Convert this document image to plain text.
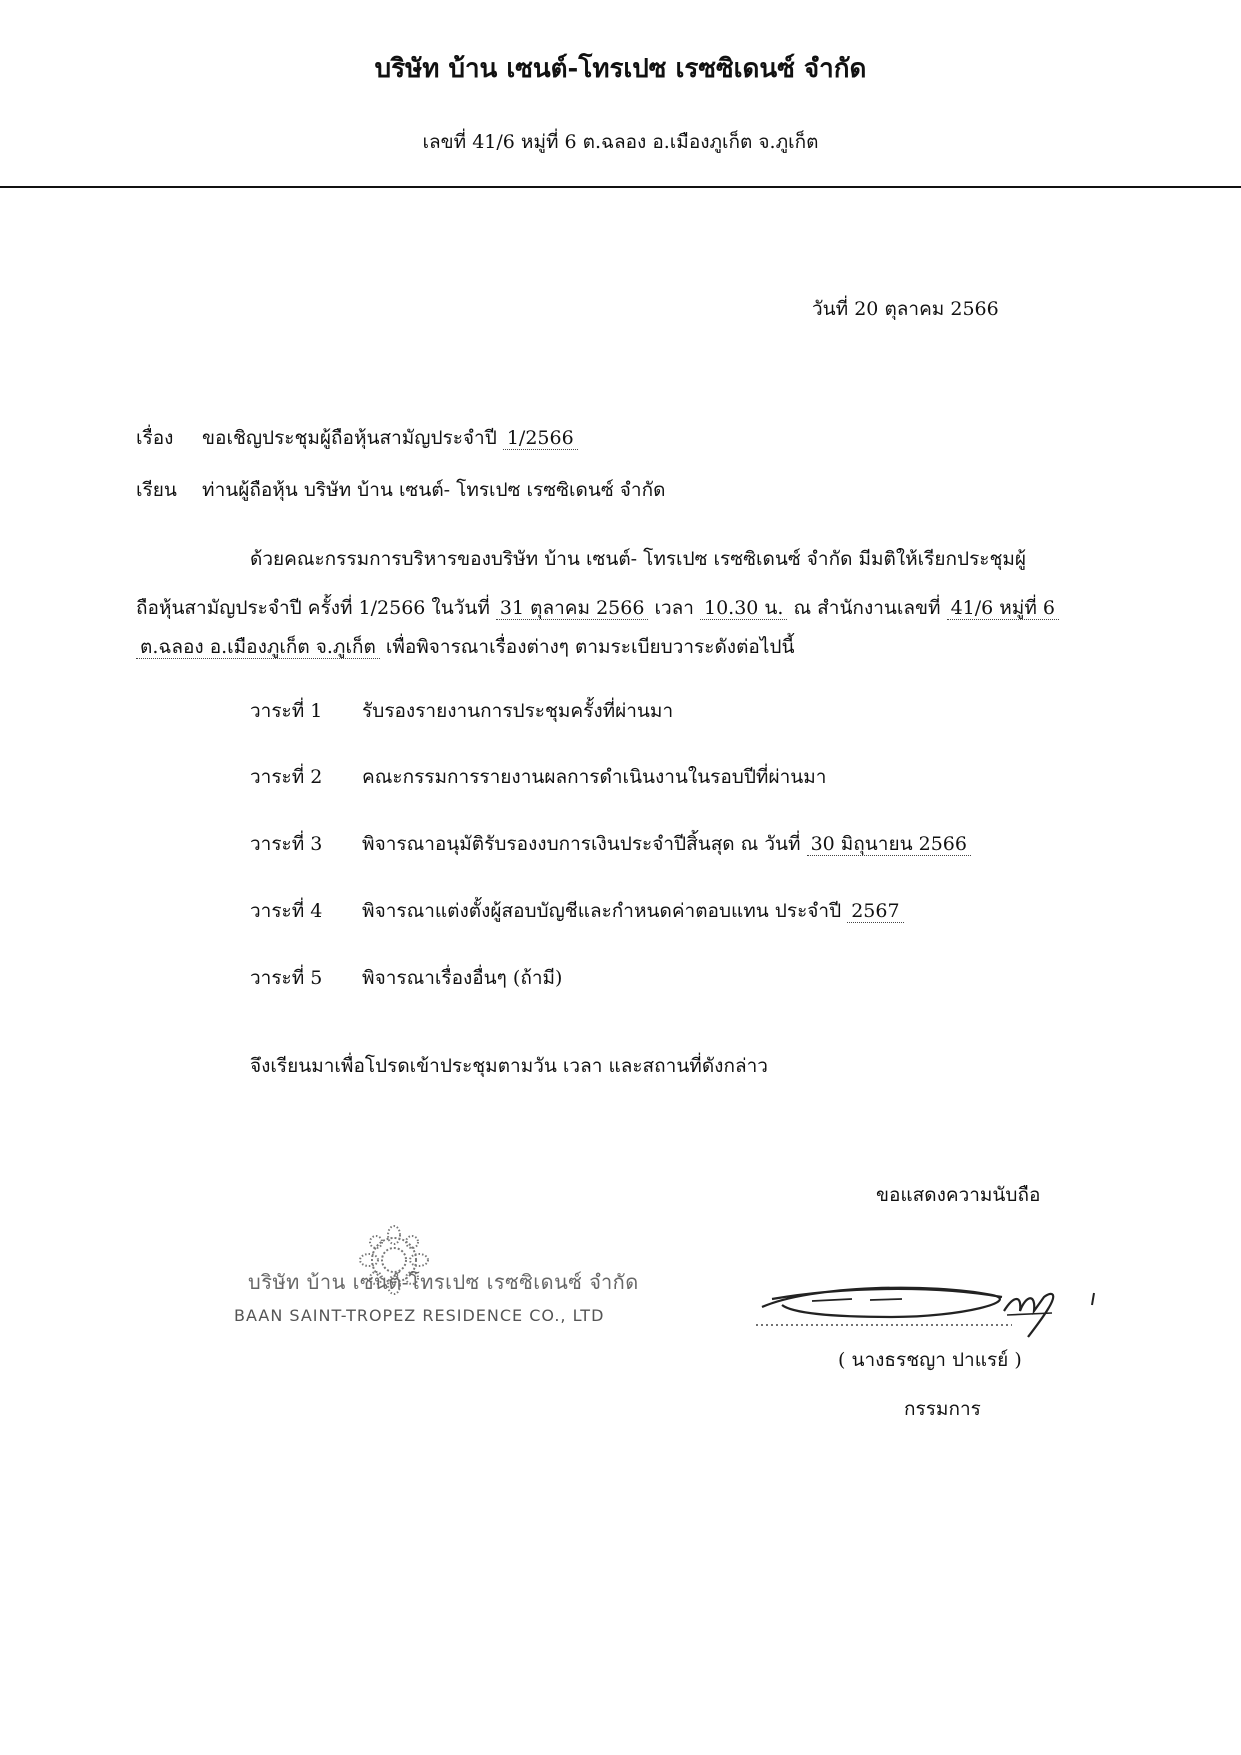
บริษัท บ้าน เซนต์-โทรเปซ เรซซิเดนซ์ จำกัด
เลขที่ 41/6 หมู่ที่ 6 ต.ฉลอง อ.เมืองภูเก็ต จ.ภูเก็ต
วันที่ 20 ตุลาคม 2566
เรื่อง ขอเชิญประชุมผู้ถือหุ้นสามัญประจำปี 1/2566
เรียน ท่านผู้ถือหุ้น บริษัท บ้าน เซนต์- โทรเปซ เรซซิเดนซ์ จำกัด
ด้วยคณะกรรมการบริหารของบริษัท บ้าน เซนต์- โทรเปซ เรซซิเดนซ์ จำกัด มีมติให้เรียกประชุมผู้
ถือหุ้นสามัญประจำปี ครั้งที่ 1/2566 ในวันที่ 31 ตุลาคม 2566 เวลา 10.30 น. ณ สำนักงานเลขที่ 41/6 หมู่ที่ 6
ต.ฉลอง อ.เมืองภูเก็ต จ.ภูเก็ต เพื่อพิจารณาเรื่องต่างๆ ตามระเบียบวาระดังต่อไปนี้
วาระที่ 1 รับรองรายงานการประชุมครั้งที่ผ่านมา
วาระที่ 2 คณะกรรมการรายงานผลการดำเนินงานในรอบปีที่ผ่านมา
วาระที่ 3 พิจารณาอนุมัติรับรองงบการเงินประจำปีสิ้นสุด ณ วันที่ 30 มิถุนายน 2566
วาระที่ 4 พิจารณาแต่งตั้งผู้สอบบัญชีและกำหนดค่าตอบแทน ประจำปี 2567
วาระที่ 5 พิจารณาเรื่องอื่นๆ (ถ้ามี)
จึงเรียนมาเพื่อโปรดเข้าประชุมตามวัน เวลา และสถานที่ดังกล่าว
ขอแสดงความนับถือ
บริษัท บ้าน เซนต์-โทรเปซ เรซซิเดนซ์ จำกัด
BAAN SAINT-TROPEZ RESIDENCE CO., LTD
( นางธรชญา ปาแรย์ )
กรรมการ
